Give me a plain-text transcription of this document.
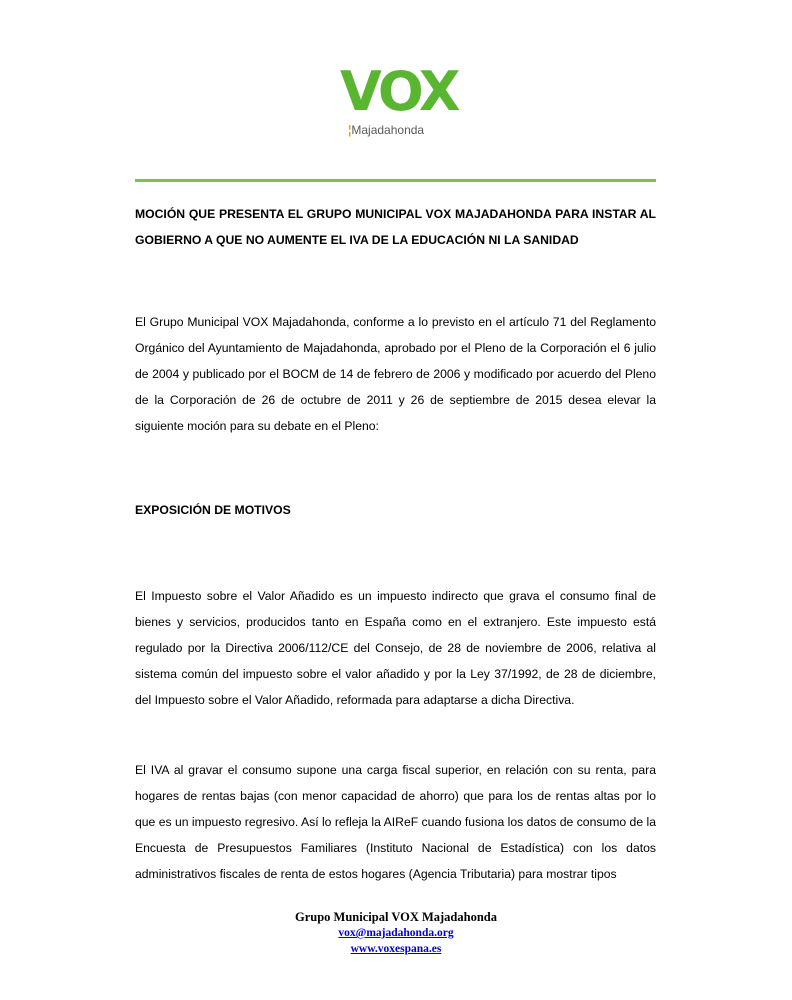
VOX
¦Majadahonda

MOCIÓN QUE PRESENTA EL GRUPO MUNICIPAL VOX MAJADAHONDA PARA INSTAR AL GOBIERNO A QUE NO AUMENTE EL IVA DE LA EDUCACIÓN NI LA SANIDAD

El Grupo Municipal VOX Majadahonda, conforme a lo previsto en el artículo 71 del Reglamento Orgánico del Ayuntamiento de Majadahonda, aprobado por el Pleno de la Corporación el 6 julio de 2004 y publicado por el BOCM de 14 de febrero de 2006 y modificado por acuerdo del Pleno de la Corporación de 26 de octubre de 2011 y 26 de septiembre de 2015 desea elevar la siguiente moción para su debate en el Pleno:

EXPOSICIÓN DE MOTIVOS

El Impuesto sobre el Valor Añadido es un impuesto indirecto que grava el consumo final de bienes y servicios, producidos tanto en España como en el extranjero. Este impuesto está regulado por la Directiva 2006/112/CE del Consejo, de 28 de noviembre de 2006, relativa al sistema común del impuesto sobre el valor añadido y por la Ley 37/1992, de 28 de diciembre, del Impuesto sobre el Valor Añadido, reformada para adaptarse a dicha Directiva.

El IVA al gravar el consumo supone una carga fiscal superior, en relación con su renta, para hogares de rentas bajas (con menor capacidad de ahorro) que para los de rentas altas por lo que es un impuesto regresivo. Así lo refleja la AIReF cuando fusiona los datos de consumo de la Encuesta de Presupuestos Familiares (Instituto Nacional de Estadística) con los datos administrativos fiscales de renta de estos hogares (Agencia Tributaria) para mostrar tipos

Grupo Municipal VOX Majadahonda
vox@majadahonda.org
www.voxespana.es
